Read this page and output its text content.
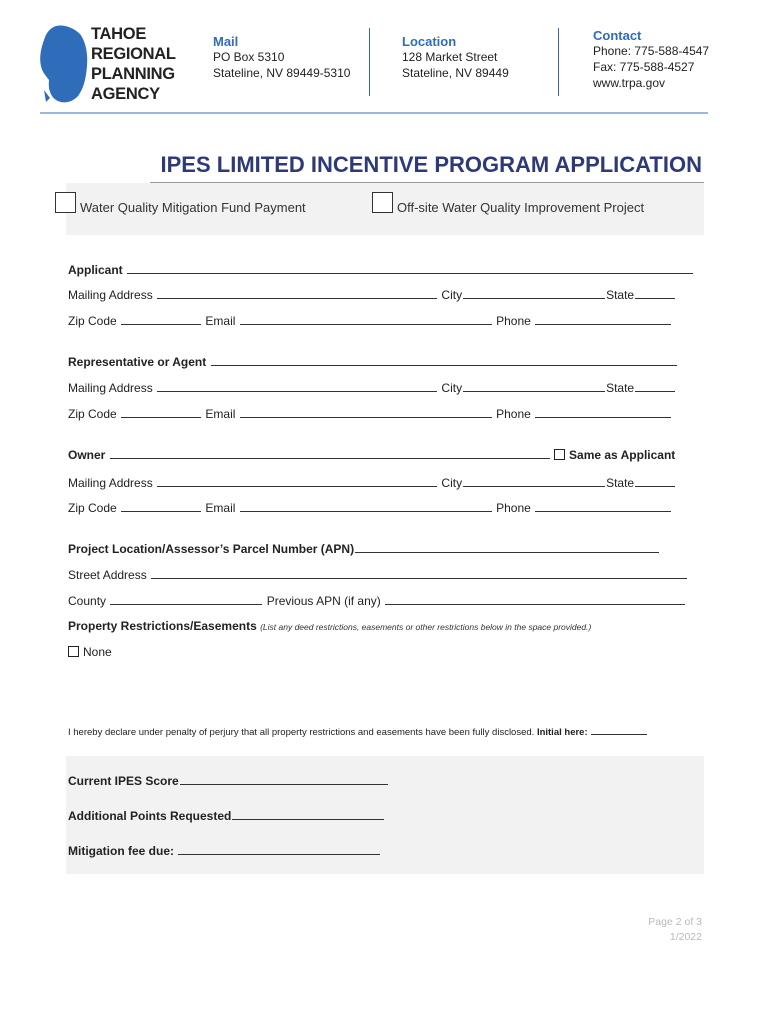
TAHOE
REGIONAL
PLANNING
AGENCY
Mail
PO Box 5310
Stateline, NV 89449-5310
Location
128 Market Street
Stateline, NV 89449
Contact
Phone: 775-588-4547
Fax: 775-588-4527
www.trpa.gov
IPES LIMITED INCENTIVE PROGRAM APPLICATION
Water Quality Mitigation Fund Payment	Off-site Water Quality Improvement Project
Applicant
Mailing Address	City	State
Zip Code	Email	Phone
Representative or Agent
Mailing Address	City	State
Zip Code	Email	Phone
Owner	Same as Applicant
Mailing Address	City	State
Zip Code	Email	Phone
Project Location/Assessor’s Parcel Number (APN)
Street Address
County	Previous APN (if any)
Property Restrictions/Easements (List any deed restrictions, easements or other restrictions below in the space provided.)
None
I hereby declare under penalty of perjury that all property restrictions and easements have been fully disclosed. Initial here:
Current IPES Score
Additional Points Requested
Mitigation fee due:
Page 2 of 3
1/2022
